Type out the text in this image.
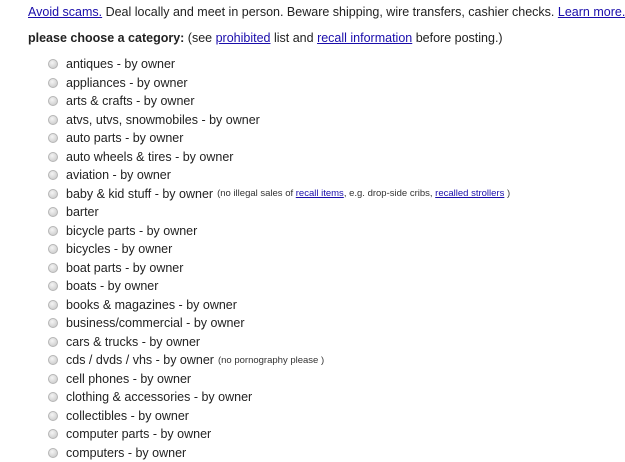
Avoid scams. Deal locally and meet in person. Beware shipping, wire transfers, cashier checks. Learn more.
please choose a category: (see prohibited list and recall information before posting.)
antiques - by owner
appliances - by owner
arts & crafts - by owner
atvs, utvs, snowmobiles - by owner
auto parts - by owner
auto wheels & tires - by owner
aviation - by owner
baby & kid stuff - by owner (no illegal sales of recall items, e.g. drop-side cribs, recalled strollers )
barter
bicycle parts - by owner
bicycles - by owner
boat parts - by owner
boats - by owner
books & magazines - by owner
business/commercial - by owner
cars & trucks - by owner
cds / dvds / vhs - by owner (no pornography please )
cell phones - by owner
clothing & accessories - by owner
collectibles - by owner
computer parts - by owner
computers - by owner
